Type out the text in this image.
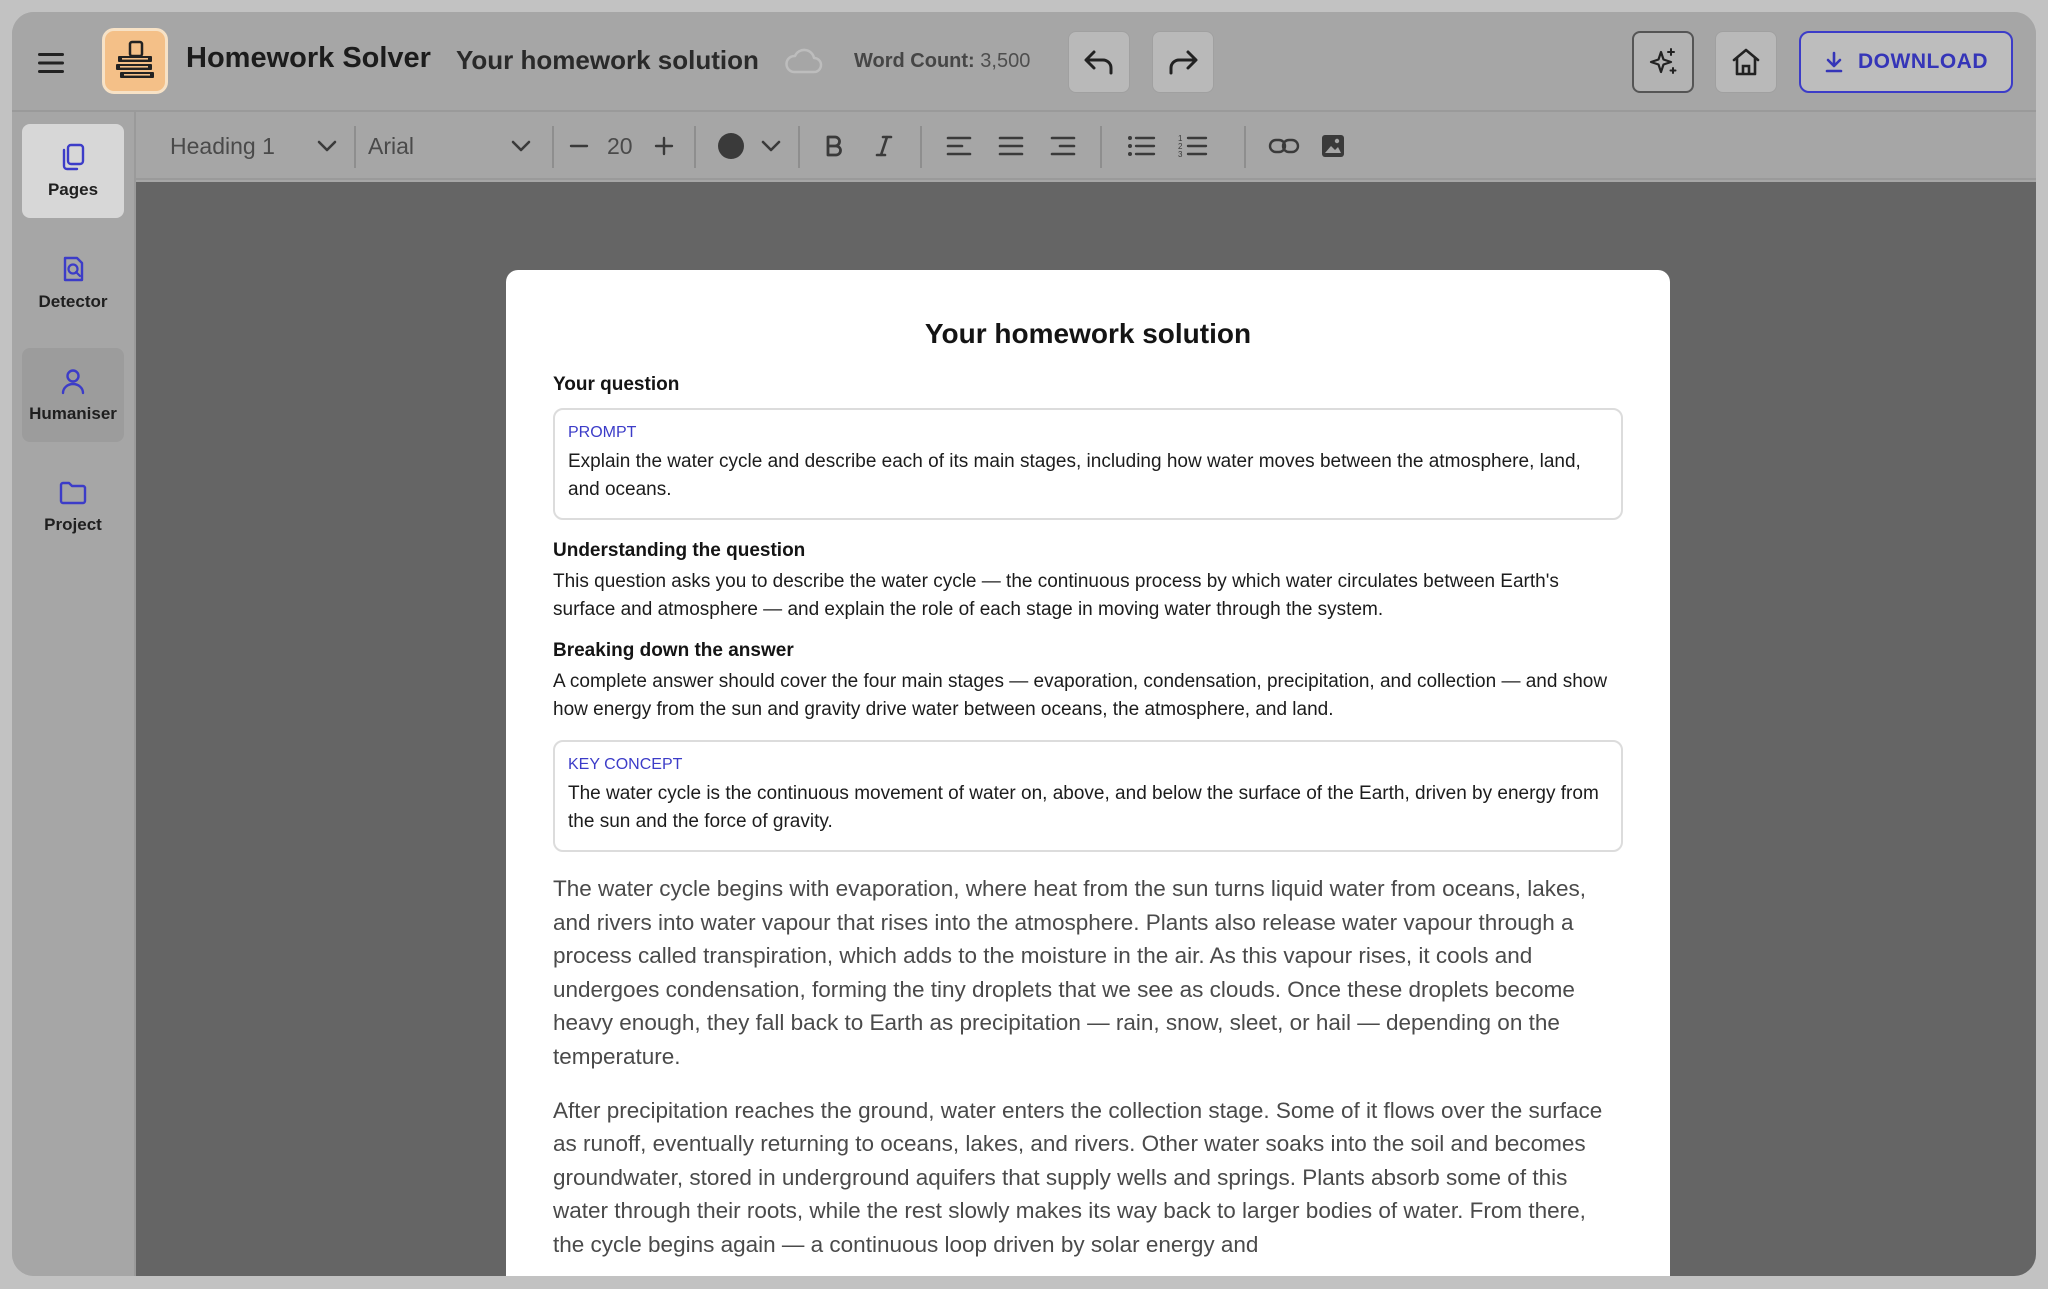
Homework Solver Your homework solution	Word Count: 3,500	DOWNLOAD
Pages
Detector
Humaniser
Project
Heading 1	Arial	20	1
2
3
Your homework solution
Your question
PROMPT
Explain the water cycle and describe each of its main stages, including how water moves between the atmosphere, land, and oceans.
Understanding the question
This question asks you to describe the water cycle — the continuous process by which water circulates between Earth's surface and atmosphere — and explain the role of each stage in moving water through the system.
Breaking down the answer
A complete answer should cover the four main stages — evaporation, condensation, precipitation, and collection — and show how energy from the sun and gravity drive water between oceans, the atmosphere, and land.
KEY CONCEPT
The water cycle is the continuous movement of water on, above, and below the surface of the Earth, driven by energy from the sun and the force of gravity.
The water cycle begins with evaporation, where heat from the sun turns liquid water from oceans, lakes, and rivers into water vapour that rises into the atmosphere. Plants also release water vapour through a process called transpiration, which adds to the moisture in the air. As this vapour rises, it cools and undergoes condensation, forming the tiny droplets that we see as clouds. Once these droplets become heavy enough, they fall back to Earth as precipitation — rain, snow, sleet, or hail — depending on the temperature.
After precipitation reaches the ground, water enters the collection stage. Some of it flows over the surface as runoff, eventually returning to oceans, lakes, and rivers. Other water soaks into the soil and becomes groundwater, stored in underground aquifers that supply wells and springs. Plants absorb some of this water through their roots, while the rest slowly makes its way back to larger bodies of water. From there, the cycle begins again — a continuous loop driven by solar energy and
